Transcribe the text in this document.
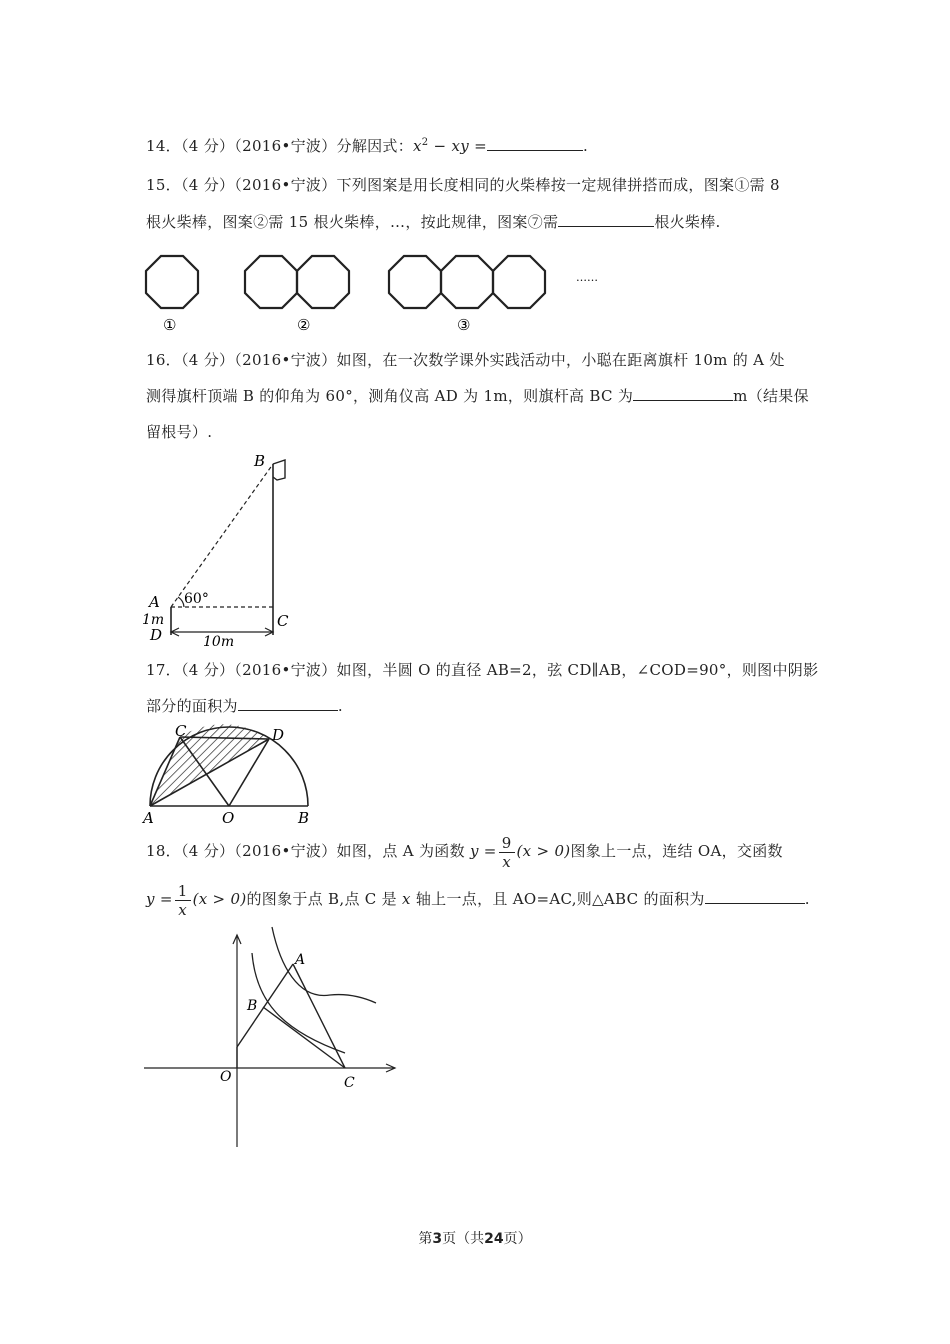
14．（4 分）（2016•宁波）分解因式：$x^2$ − xy =	.
15．（4 分）（2016•宁波）下列图案是用长度相同的火柴棒按一定规律拼搭而成，图案①需 8
根火柴棒，图案②需 15 根火柴棒，…，按此规律，图案⑦需	根火柴棒.
……
①	②	③
16．（4 分）（2016•宁波）如图，在一次数学课外实践活动中，小聪在距离旗杆 10m 的 A 处
测得旗杆顶端 B 的仰角为 60°，测角仪高 AD 为 1m，则旗杆高 BC 为	m（结果保
留根号）.
B
60°
A
1m
D
C
10m
17．（4 分）（2016•宁波）如图，半圆 O 的直径 AB=2，弦 CD∥AB，∠COD=90°，则图中阴影
部分的面积为	.
C	D
A	O	B
18．（4 分）（2016•宁波）如图，点 A 为函数 $y = \frac{9}{x} (x > 0)$图象上一点，连结 OA，交函数
$y = \frac{1}{x} (x > 0)$的图象于点 B,点 C 是 x 轴上一点，且 AO=AC,则△ABC 的面积为	.
A
B
O	C
第3页（共24页）
